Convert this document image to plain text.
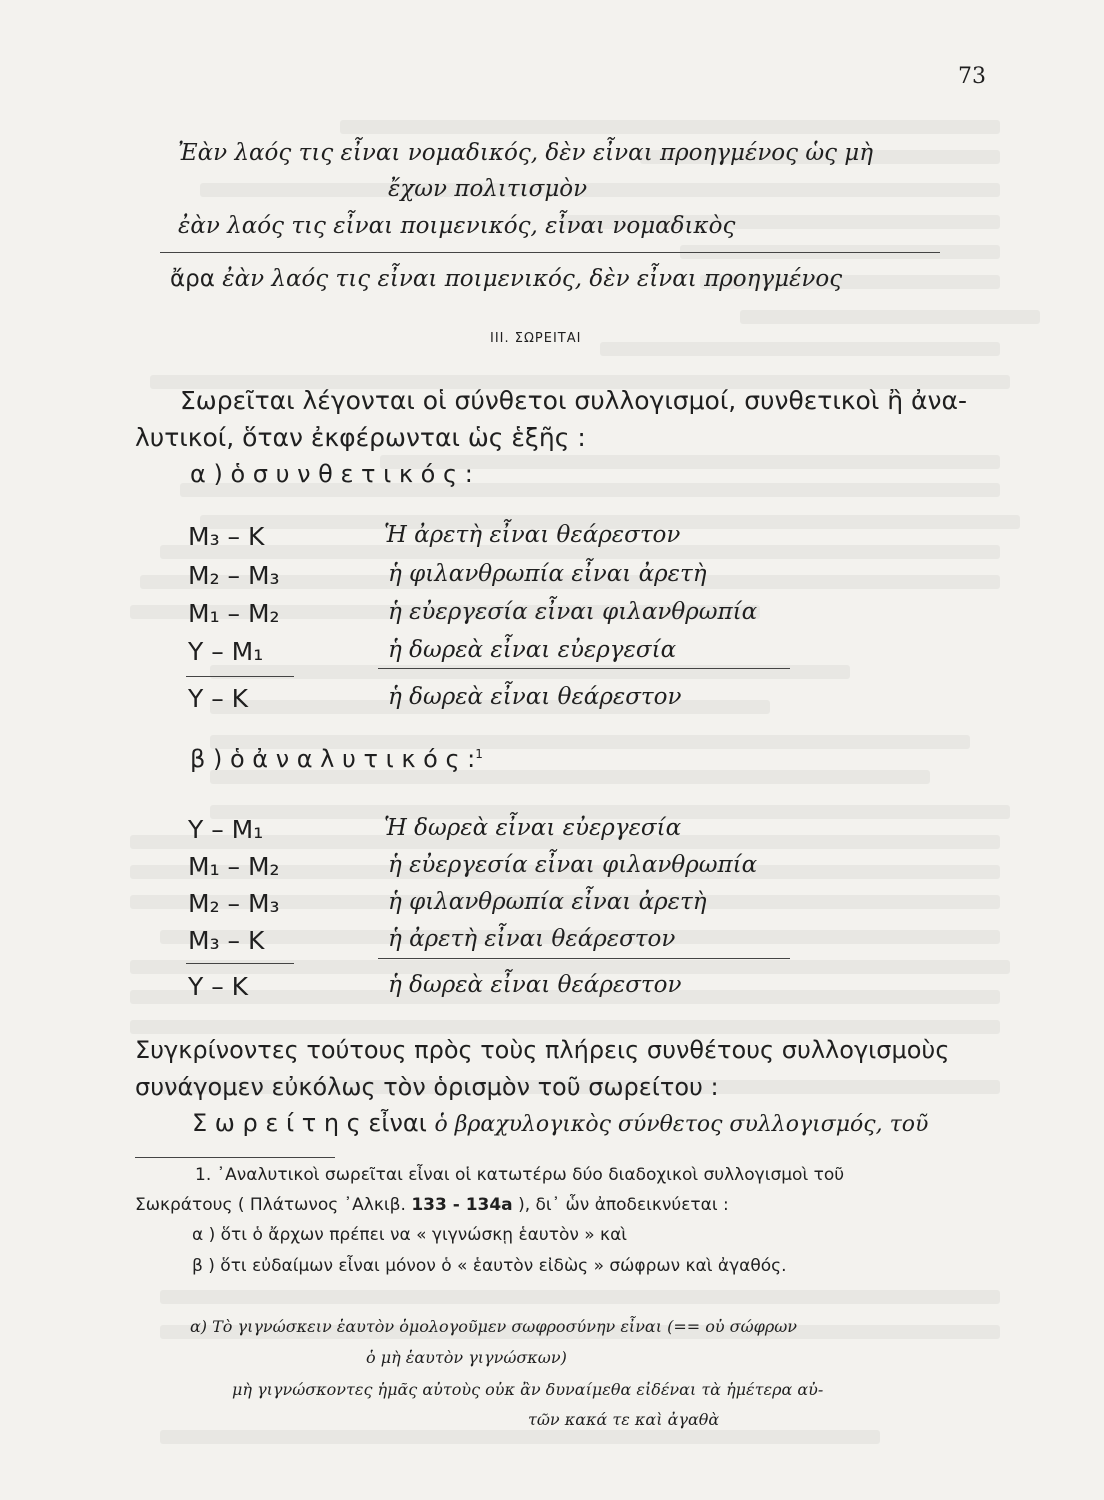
73
Ἐὰν λαός τις εἶναι νομαδικός, δὲν εἶναι προηγμένος ὡς μὴ
ἔχων πολιτισμὸν
ἐὰν λαός τις εἶναι ποιμενικός, εἶναι νομαδικὸς
ἄρα ἐὰν λαός τις εἶναι ποιμενικός, δὲν εἶναι προηγμένος
III. ΣΩΡΕΙΤΑΙ
Σωρεῖται λέγονται οἱ σύνθετοι συλλογισμοί, συνθετικοὶ ἢ ἀνα-
λυτικοί, ὅταν ἐκφέρωνται ὡς ἑξῆς :
α ) ὁ σ υ ν θ ε τ ι κ ό ς :
M₃ – K	Ἡ ἀρετὴ εἶναι θεάρεστον
M₂ – M₃	ἡ φιλανθρωπία εἶναι ἀρετὴ
M₁ – M₂	ἡ εὐεργεσία εἶναι φιλανθρωπία
Y – M₁	ἡ δωρεὰ εἶναι εὐεργεσία
Y – K	ἡ δωρεὰ εἶναι θεάρεστον
β ) ὁ ἀ ν α λ υ τ ι κ ό ς :$^1$
Y – M₁	Ἡ δωρεὰ εἶναι εὐεργεσία
M₁ – M₂	ἡ εὐεργεσία εἶναι φιλανθρωπία
M₂ – M₃	ἡ φιλανθρωπία εἶναι ἀρετὴ
M₃ – K	ἡ ἀρετὴ εἶναι θεάρεστον
Y – K	ἡ δωρεὰ εἶναι θεάρεστον
Συγκρίνοντες τούτους πρὸς τοὺς πλήρεις συνθέτους συλλογισμοὺς
συνάγομεν εὐκόλως τὸν ὁρισμὸν τοῦ σωρείτου :
Σ ω ρ ε ί τ η ς εἶναι ὁ βραχυλογικὸς σύνθετος συλλογισμός, τοῦ
1. ᾿Αναλυτικοὶ σωρεῖται εἶναι οἱ κατωτέρω δύο διαδοχικοὶ συλλογισμοὶ τοῦ
Σωκράτους ( Πλάτωνος ᾿Αλκιβ. 133 - 134a ), δι᾿ ὧν ἀποδεικνύεται :
α ) ὅτι ὁ ἄρχων πρέπει να « γιγνώσκῃ ἑαυτὸν » καὶ
β ) ὅτι εὐδαίμων εἶναι μόνον ὁ « ἑαυτὸν εἰδὼς » σώφρων καὶ ἀγαθός.
α) Τὸ γιγνώσκειν ἑαυτὸν ὁμολογοῦμεν σωφροσύνην εἶναι (== οὐ σώφρων
ὁ μὴ ἑαυτὸν γιγνώσκων)
μὴ γιγνώσκοντες ἡμᾶς αὐτοὺς οὐκ ἂν δυναίμεθα εἰδέναι τὰ ἡμέτερα αὐ-
τῶν κακά τε καὶ ἀγαθὰ
